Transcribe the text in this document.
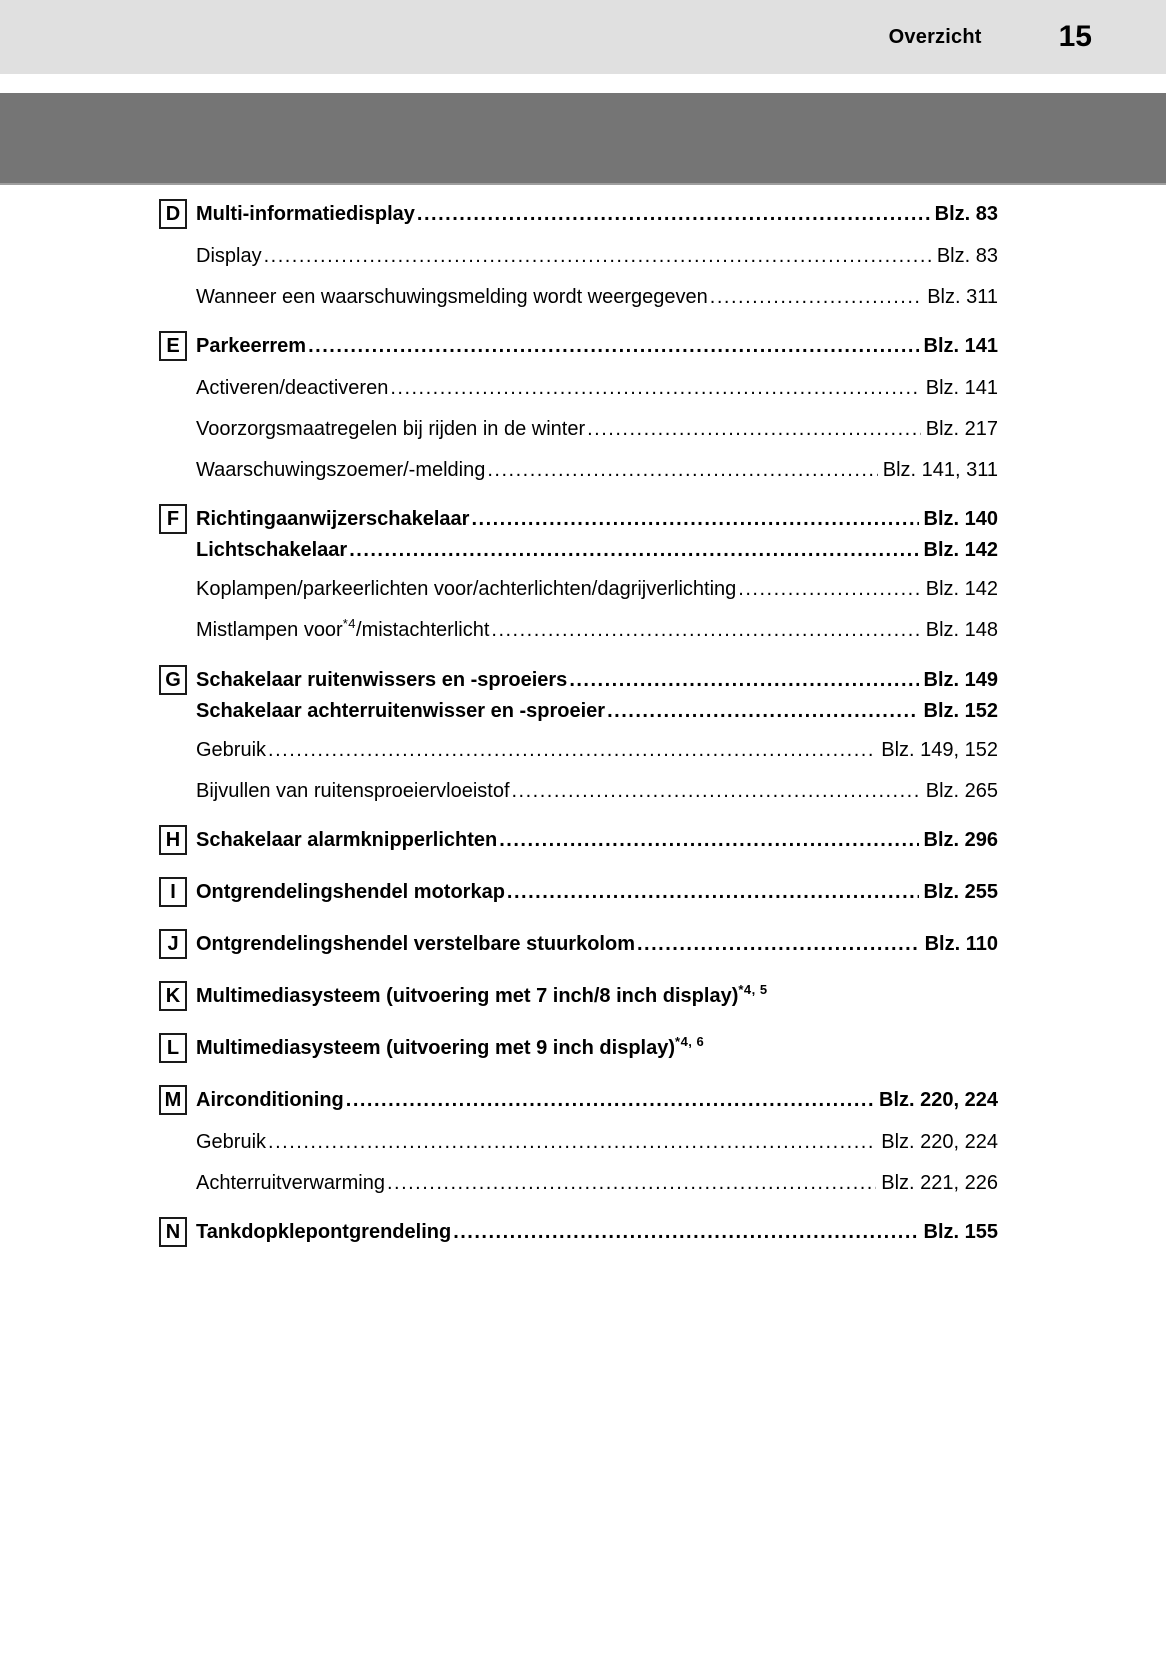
Overzicht	15
D Multi-informatiedisplay .....	Blz. 83
Display .....	Blz. 83
Wanneer een waarschuwingsmelding wordt weergegeven .....	Blz. 311
E Parkeerrem .....	Blz. 141
Activeren/deactiveren .....	Blz. 141
Voorzorgsmaatregelen bij rijden in de winter .....	Blz. 217
Waarschuwingszoemer/-melding .....	Blz. 141, 311
F Richtingaanwijzerschakelaar .....	Blz. 140
Lichtschakelaar .....	Blz. 142
Koplampen/parkeerlichten voor/achterlichten/dagrijverlichting .....	Blz. 142
Mistlampen voor$^{*4}$/mistachterlicht .....	Blz. 148
G Schakelaar ruitenwissers en -sproeiers .....	Blz. 149
Schakelaar achterruitenwisser en -sproeier .....	Blz. 152
Gebruik .....	Blz. 149, 152
Bijvullen van ruitensproeiervloeistof .....	Blz. 265
H Schakelaar alarmknipperlichten .....	Blz. 296
I	Ontgrendelingshendel motorkap .....	Blz. 255
J Ontgrendelingshendel verstelbare stuurkolom .....	Blz. 110
K Multimediasysteem (uitvoering met 7 inch/8 inch display)$^{*4, 5}$
L Multimediasysteem (uitvoering met 9 inch display)$^{*4, 6}$
M Airconditioning .....	Blz. 220, 224
Gebruik .....	Blz. 220, 224
Achterruitverwarming .....	Blz. 221, 226
N Tankdopklepontgrendeling .....	Blz. 155
